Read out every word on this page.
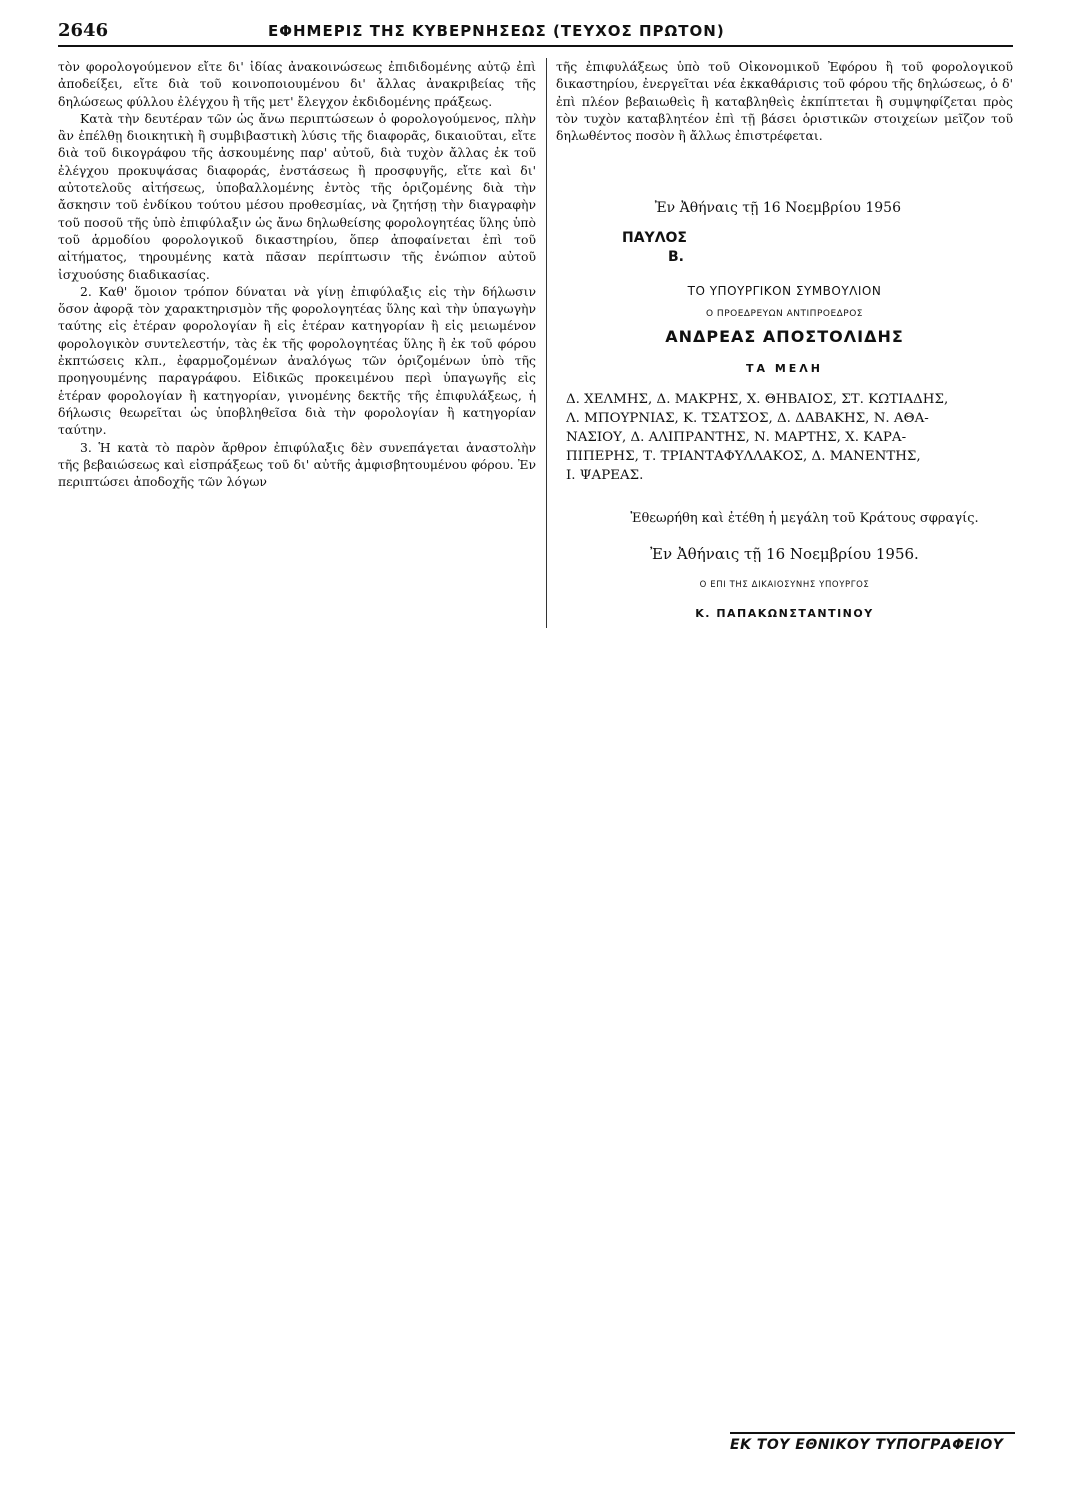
2646	ΕΦΗΜΕΡΙΣ ΤΗΣ ΚΥΒΕΡΝΗΣΕΩΣ (ΤΕΥΧΟΣ ΠΡΩΤΟΝ)

τὸν φορολογούμενον εἴτε δι' ἰδίας ἀνακοινώσεως ἐπιδιδομένης αὐτῷ ἐπὶ ἀποδείξει, εἴτε διὰ τοῦ κοινοποιουμένου δι' ἄλλας ἀνακριβείας τῆς δηλώσεως φύλλου ἐλέγχου ἢ τῆς μετ' ἔλεγχον ἐκδιδομένης πράξεως.

Κατὰ τὴν δευτέραν τῶν ὡς ἄνω περιπτώσεων ὁ φορολογούμενος, πλὴν ἂν ἐπέλθῃ διοικητικὴ ἢ συμβιβαστικὴ λύσις τῆς διαφορᾶς, δικαιοῦται, εἴτε διὰ τοῦ δικογράφου τῆς ἀσκουμένης παρ' αὐτοῦ, διὰ τυχὸν ἄλλας ἐκ τοῦ ἐλέγχου προκυψάσας διαφοράς, ἐνστάσεως ἢ προσφυγῆς, εἴτε καὶ δι' αὐτοτελοῦς αἰτήσεως, ὑποβαλλομένης ἐντὸς τῆς ὁριζομένης διὰ τὴν ἄσκησιν τοῦ ἐνδίκου τούτου μέσου προθεσμίας, νὰ ζητήσῃ τὴν διαγραφὴν τοῦ ποσοῦ τῆς ὑπὸ ἐπιφύλαξιν ὡς ἄνω δηλωθείσης φορολογητέας ὕλης ὑπὸ τοῦ ἁρμοδίου φορολογικοῦ δικαστηρίου, ὅπερ ἀποφαίνεται ἐπὶ τοῦ αἰτήματος, τηρουμένης κατὰ πᾶσαν περίπτωσιν τῆς ἐνώπιον αὐτοῦ ἰσχυούσης διαδικασίας.

2. Καθ' ὅμοιον τρόπον δύναται νὰ γίνῃ ἐπιφύλαξις εἰς τὴν δήλωσιν ὅσον ἀφορᾷ τὸν χαρακτηρισμὸν τῆς φορολογητέας ὕλης καὶ τὴν ὑπαγωγὴν ταύτης εἰς ἑτέραν φορολογίαν ἢ εἰς ἑτέραν κατηγορίαν ἢ εἰς μειωμένον φορολογικὸν συντελεστήν, τὰς ἐκ τῆς φορολογητέας ὕλης ἢ ἐκ τοῦ φόρου ἐκπτώσεις κλπ., ἐφαρμοζομένων ἀναλόγως τῶν ὁριζομένων ὑπὸ τῆς προηγουμένης παραγράφου. Εἰδικῶς προκειμένου περὶ ὑπαγωγῆς εἰς ἑτέραν φορολογίαν ἢ κατηγορίαν, γινομένης δεκτῆς τῆς ἐπιφυλάξεως, ἡ δήλωσις θεωρεῖται ὡς ὑποβληθεῖσα διὰ τὴν φορολογίαν ἢ κατηγορίαν ταύτην.

3. Ἡ κατὰ τὸ παρὸν ἄρθρον ἐπιφύλαξις δὲν συνεπάγεται ἀναστολὴν τῆς βεβαιώσεως καὶ εἰσπράξεως τοῦ δι' αὐτῆς ἀμφισβητουμένου φόρου. Ἐν περιπτώσει ἀποδοχῆς τῶν λόγων

τῆς ἐπιφυλάξεως ὑπὸ τοῦ Οἰκονομικοῦ Ἐφόρου ἢ τοῦ φορολογικοῦ δικαστηρίου, ἐνεργεῖται νέα ἐκκαθάρισις τοῦ φόρου τῆς δηλώσεως, ὁ δ' ἐπὶ πλέον βεβαιωθεὶς ἢ καταβληθεὶς ἐκπίπτεται ἢ συμψηφίζεται πρὸς τὸν τυχὸν καταβλητέον ἐπὶ τῇ βάσει ὁριστικῶν στοιχείων μεῖζον τοῦ δηλωθέντος ποσὸν ἢ ἄλλως ἐπιστρέφεται.

Ἐν Ἀθήναις τῇ 16 Νοεμβρίου 1956
ΠΑΥΛΟΣ
Β.
ΤΟ ΥΠΟΥΡΓΙΚΟΝ ΣΥΜΒΟΥΛΙΟΝ
Ο ΠΡΟΕΔΡΕΥΩΝ ΑΝΤΙΠΡΟΕΔΡΟΣ
ΑΝΔΡΕΑΣ ΑΠΟΣΤΟΛΙΔΗΣ
ΤΑ ΜΕΛΗ
Δ. ΧΕΛΜΗΣ, Δ. ΜΑΚΡΗΣ, Χ. ΘΗΒΑΙΟΣ, ΣΤ. ΚΩΤΙΑΔΗΣ,
Λ. ΜΠΟΥΡΝΙΑΣ, Κ. ΤΣΑΤΣΟΣ, Δ. ΔΑΒΑΚΗΣ, Ν. ΑΘΑ-
ΝΑΣΙΟΥ, Δ. ΑΛΙΠΡΑΝΤΗΣ, Ν. ΜΑΡΤΗΣ, Χ. ΚΑΡΑ-
ΠΙΠΕΡΗΣ, Τ. ΤΡΙΑΝΤΑΦΥΛΛΑΚΟΣ, Δ. ΜΑΝΕΝΤΗΣ,
Ι. ΨΑΡΕΑΣ.
Ἐθεωρήθη καὶ ἐτέθη ἡ μεγάλη τοῦ Κράτους σφραγίς.
Ἐν Ἀθήναις τῇ 16 Νοεμβρίου 1956.
Ο ΕΠΙ ΤΗΣ ΔΙΚΑΙΟΣΥΝΗΣ ΥΠΟΥΡΓΟΣ
Κ. ΠΑΠΑΚΩΝΣΤΑΝΤΙΝΟΥ
ΕΚ ΤΟΥ ΕΘΝΙΚΟΥ ΤΥΠΟΓΡΑΦΕΙΟΥ
